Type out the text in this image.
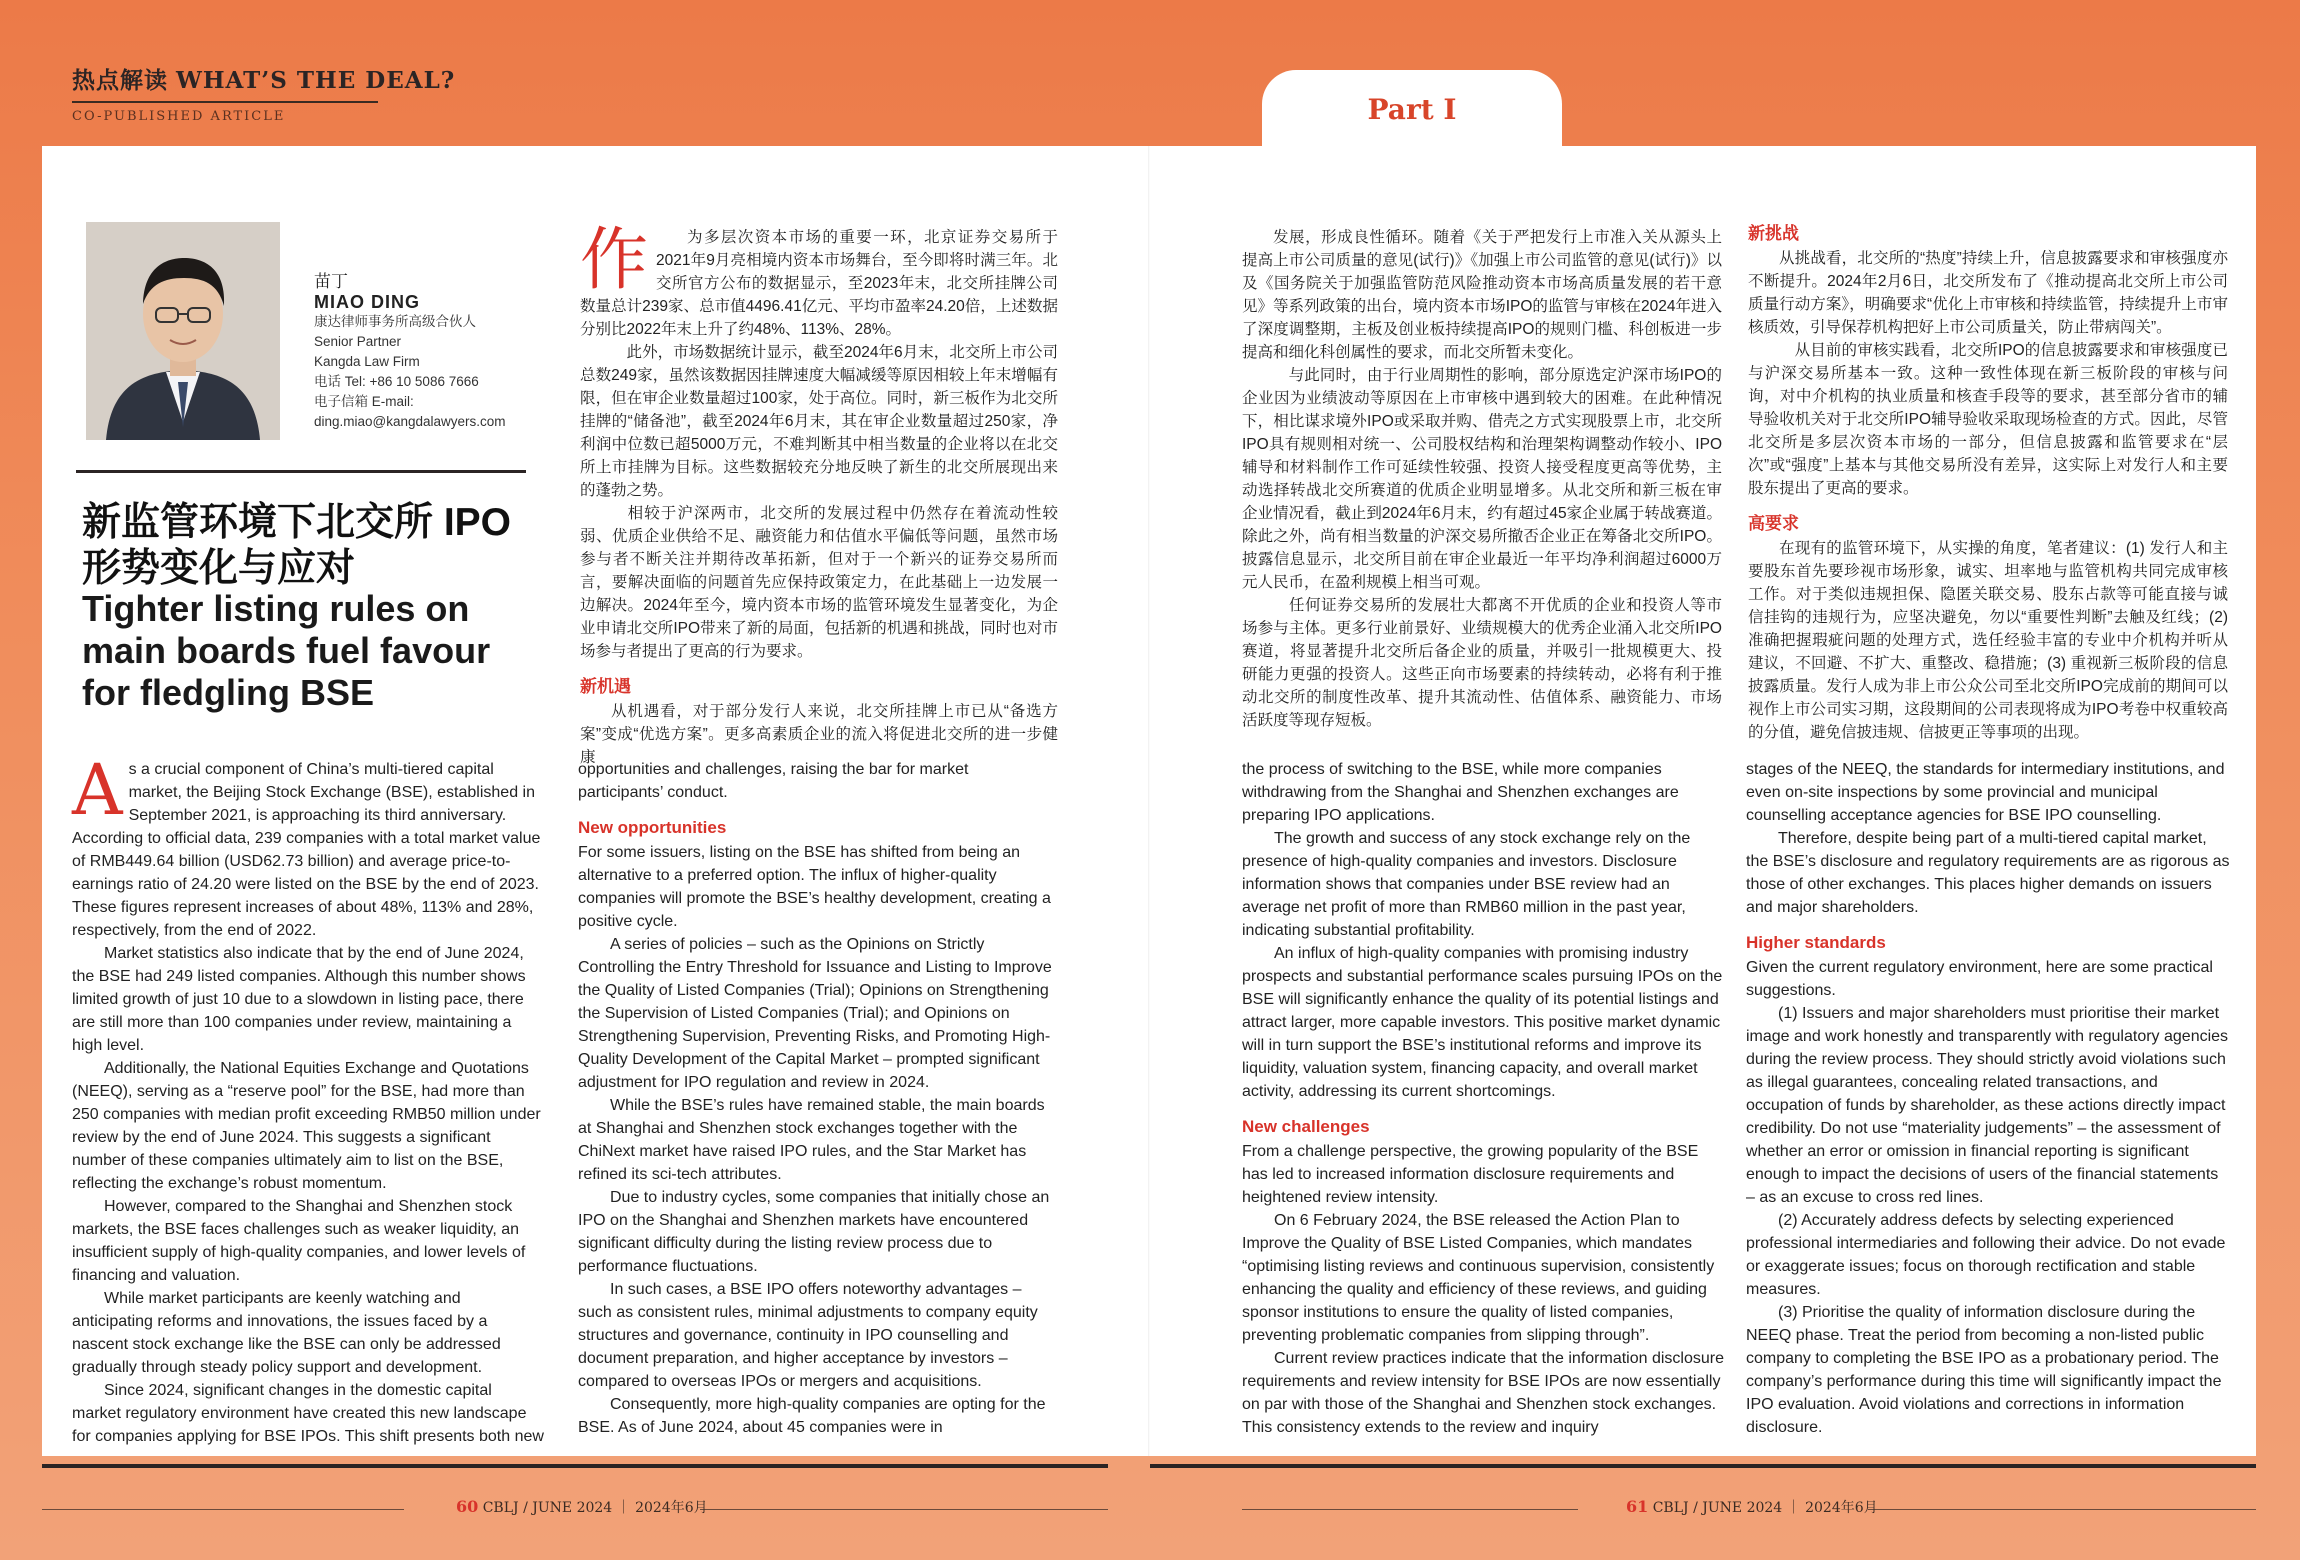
热点解读 WHAT’S THE DEAL?
CO-PUBLISHED ARTICLE	Part I
苗丁
MIAO DING
康达律师事务所高级合伙人
Senior Partner
Kangda Law Firm
电话 Tel: +86 10 5086 7666
电子信箱 E-mail:
ding.miao@kangdalawyers.com
新监管环境下北交所 IPO
形势变化与应对
Tighter listing rules on
main boards fuel favour
for fledgling BSE
作	为多层次资本市场的重要一环，北京证券交易所于2021年9月亮相境内资本市场舞台，至今即将时满三年。北交所官方公布的数据显示，至2023年末，北交所挂牌公司数量总计239家、总市值4496.41亿元、平均市盈率24.20倍，上述数据分别比2022年末上升了约48%、113%、28%。

　此外，市场数据统计显示，截至2024年6月末，北交所上市公司总数249家，虽然该数据因挂牌速度大幅减缓等原因相较上年末增幅有限，但在审企业数量超过100家，处于高位。同时，新三板作为北交所挂牌的“储备池”，截至2024年6月末，其在审企业数量超过250家，净利润中位数已超5000万元，不难判断其中相当数量的企业将以在北交所上市挂牌为目标。这些数据较充分地反映了新生的北交所展现出来的蓬勃之势。

　相较于沪深两市，北交所的发展过程中仍然存在着流动性较弱、优质企业供给不足、融资能力和估值水平偏低等问题，虽然市场参与者不断关注并期待改革拓新，但对于一个新兴的证券交易所而言，要解决面临的问题首先应保持政策定力，在此基础上一边发展一边解决。2024年至今，境内资本市场的监管环境发生显著变化，为企业申请北交所IPO带来了新的局面，包括新的机遇和挑战，同时也对市场参与者提出了更高的行为要求。

新机遇

从机遇看，对于部分发行人来说，北交所挂牌上市已从“备选方案”变成“优选方案”。更多高素质企业的流入将促进北交所的进一步健康

发展，形成良性循环。随着《关于严把发行上市准入关从源头上提高上市公司质量的意见(试行)》《加强上市公司监管的意见(试行)》以及《国务院关于加强监管防范风险推动资本市场高质量发展的若干意见》等系列政策的出台，境内资本市场IPO的监管与审核在2024年进入了深度调整期，主板及创业板持续提高IPO的规则门槛、科创板进一步提高和细化科创属性的要求，而北交所暂未变化。

　与此同时，由于行业周期性的影响，部分原选定沪深市场IPO的企业因为业绩波动等原因在上市审核中遇到较大的困难。在此种情况下，相比谋求境外IPO或采取并购、借壳之方式实现股票上市，北交所IPO具有规则相对统一、公司股权结构和治理架构调整动作较小、IPO辅导和材料制作工作可延续性较强、投资人接受程度更高等优势，主动选择转战北交所赛道的优质企业明显增多。从北交所和新三板在审企业情况看，截止到2024年6月末，约有超过45家企业属于转战赛道。除此之外，尚有相当数量的沪深交易所撤否企业正在筹备北交所IPO。披露信息显示，北交所目前在审企业最近一年平均净利润超过6000万元人民币，在盈利规模上相当可观。

　任何证券交易所的发展壮大都离不开优质的企业和投资人等市场参与主体。更多行业前景好、业绩规模大的优秀企业涌入北交所IPO赛道，将显著提升北交所后备企业的质量，并吸引一批规模更大、投研能力更强的投资人。这些正向市场要素的持续转动，必将有利于推动北交所的制度性改革、提升其流动性、估值体系、融资能力、市场活跃度等现存短板。

新挑战

从挑战看，北交所的“热度”持续上升，信息披露要求和审核强度亦不断提升。2024年2月6日，北交所发布了《推动提高北交所上市公司质量行动方案》，明确要求“优化上市审核和持续监管，持续提升上市审核质效，引导保荐机构把好上市公司质量关，防止带病闯关”。

　从目前的审核实践看，北交所IPO的信息披露要求和审核强度已与沪深交易所基本一致。这种一致性体现在新三板阶段的审核与问询，对中介机构的执业质量和核查手段等的要求，甚至部分省市的辅导验收机关对于北交所IPO辅导验收采取现场检查的方式。因此，尽管北交所是多层次资本市场的一部分，但信息披露和监管要求在“层次”或“强度”上基本与其他交易所没有差异，这实际上对发行人和主要股东提出了更高的要求。

高要求

在现有的监管环境下，从实操的角度，笔者建议：(1) 发行人和主要股东首先要珍视市场形象，诚实、坦率地与监管机构共同完成审核工作。对于类似违规担保、隐匿关联交易、股东占款等可能直接与诚信挂钩的违规行为，应坚决避免，勿以“重要性判断”去触及红线；(2) 准确把握瑕疵问题的处理方式，选任经验丰富的专业中介机构并听从建议，不回避、不扩大、重整改、稳措施；(3) 重视新三板阶段的信息披露质量。发行人成为非上市公众公司至北交所IPO完成前的期间可以视作上市公司实习期，这段期间的公司表现将成为IPO考卷中权重较高的分值，避免信披违规、信披更正等事项的出现。

A s a crucial component of China’s multi-tiered capital market, the Beijing Stock Exchange (BSE), established in September 2021, is approaching its third anniversary. According to official data, 239 companies with a total market value of RMB449.64 billion (USD62.73 billion) and average price-to-earnings ratio of 24.20 were listed on the BSE by the end of 2023. These figures represent increases of about 48%, 113% and 28%, respectively, from the end of 2022.

Market statistics also indicate that by the end of June 2024, the BSE had 249 listed companies. Although this number shows limited growth of just 10 due to a slowdown in listing pace, there are still more than 100 companies under review, maintaining a high level.

Additionally, the National Equities Exchange and Quotations (NEEQ), serving as a “reserve pool” for the BSE, had more than 250 companies with median profit exceeding RMB50 million under review by the end of June 2024. This suggests a significant number of these companies ultimately aim to list on the BSE, reflecting the exchange’s robust momentum.

However, compared to the Shanghai and Shenzhen stock markets, the BSE faces challenges such as weaker liquidity, an insufficient supply of high-quality companies, and lower levels of financing and valuation.

While market participants are keenly watching and anticipating reforms and innovations, the issues faced by a nascent stock exchange like the BSE can only be addressed gradually through steady policy support and development.

Since 2024, significant changes in the domestic capital market regulatory environment have created this new landscape for companies applying for BSE IPOs. This shift presents both new

opportunities and challenges, raising the bar for market participants’ conduct.

New opportunities

For some issuers, listing on the BSE has shifted from being an alternative to a preferred option. The influx of higher-quality companies will promote the BSE’s healthy development, creating a positive cycle.

A series of policies – such as the Opinions on Strictly Controlling the Entry Threshold for Issuance and Listing to Improve the Quality of Listed Companies (Trial); Opinions on Strengthening the Supervision of Listed Companies (Trial); and Opinions on Strengthening Supervision, Preventing Risks, and Promoting High-Quality Development of the Capital Market – prompted significant adjustment for IPO regulation and review in 2024.

While the BSE’s rules have remained stable, the main boards at Shanghai and Shenzhen stock exchanges together with the ChiNext market have raised IPO rules, and the Star Market has refined its sci-tech attributes.

Due to industry cycles, some companies that initially chose an IPO on the Shanghai and Shenzhen markets have encountered significant difficulty during the listing review process due to performance fluctuations.

In such cases, a BSE IPO offers noteworthy advantages – such as consistent rules, minimal adjustments to company equity structures and governance, continuity in IPO counselling and document preparation, and higher acceptance by investors – compared to overseas IPOs or mergers and acquisitions.

Consequently, more high-quality companies are opting for the BSE. As of June 2024, about 45 companies were in

the process of switching to the BSE, while more companies withdrawing from the Shanghai and Shenzhen exchanges are preparing IPO applications.

The growth and success of any stock exchange rely on the presence of high-quality companies and investors. Disclosure information shows that companies under BSE review had an average net profit of more than RMB60 million in the past year, indicating substantial profitability.

An influx of high-quality companies with promising industry prospects and substantial performance scales pursuing IPOs on the BSE will significantly enhance the quality of its potential listings and attract larger, more capable investors. This positive market dynamic will in turn support the BSE’s institutional reforms and improve its liquidity, valuation system, financing capacity, and overall market activity, addressing its current shortcomings.

New challenges

From a challenge perspective, the growing popularity of the BSE has led to increased information disclosure requirements and heightened review intensity.

On 6 February 2024, the BSE released the Action Plan to Improve the Quality of BSE Listed Companies, which mandates “optimising listing reviews and continuous supervision, consistently enhancing the quality and efficiency of these reviews, and guiding sponsor institutions to ensure the quality of listed companies, preventing problematic companies from slipping through”.

Current review practices indicate that the information disclosure requirements and review intensity for BSE IPOs are now essentially on par with those of the Shanghai and Shenzhen stock exchanges. This consistency extends to the review and inquiry

stages of the NEEQ, the standards for intermediary institutions, and even on-site inspections by some provincial and municipal counselling acceptance agencies for BSE IPO counselling.

Therefore, despite being part of a multi-tiered capital market, the BSE’s disclosure and regulatory requirements are as rigorous as those of other exchanges. This places higher demands on issuers and major shareholders.

Higher standards

Given the current regulatory environment, here are some practical suggestions.

(1) Issuers and major shareholders must prioritise their market image and work honestly and transparently with regulatory agencies during the review process. They should strictly avoid violations such as illegal guarantees, concealing related transactions, and occupation of funds by shareholder, as these actions directly impact credibility. Do not use “materiality judgements” – the assessment of whether an error or omission in financial reporting is significant enough to impact the decisions of users of the financial statements – as an excuse to cross red lines.

(2) Accurately address defects by selecting experienced professional intermediaries and following their advice. Do not evade or exaggerate issues; focus on thorough rectification and stable measures.

(3) Prioritise the quality of information disclosure during the NEEQ phase. Treat the period from becoming a non-listed public company to completing the BSE IPO as a probationary period. The company’s performance during this time will significantly impact the IPO evaluation. Avoid violations and corrections in information disclosure.

60 CBLJ / JUNE 2024 ｜ 2024年6月	61 CBLJ / JUNE 2024 ｜ 2024年6月
